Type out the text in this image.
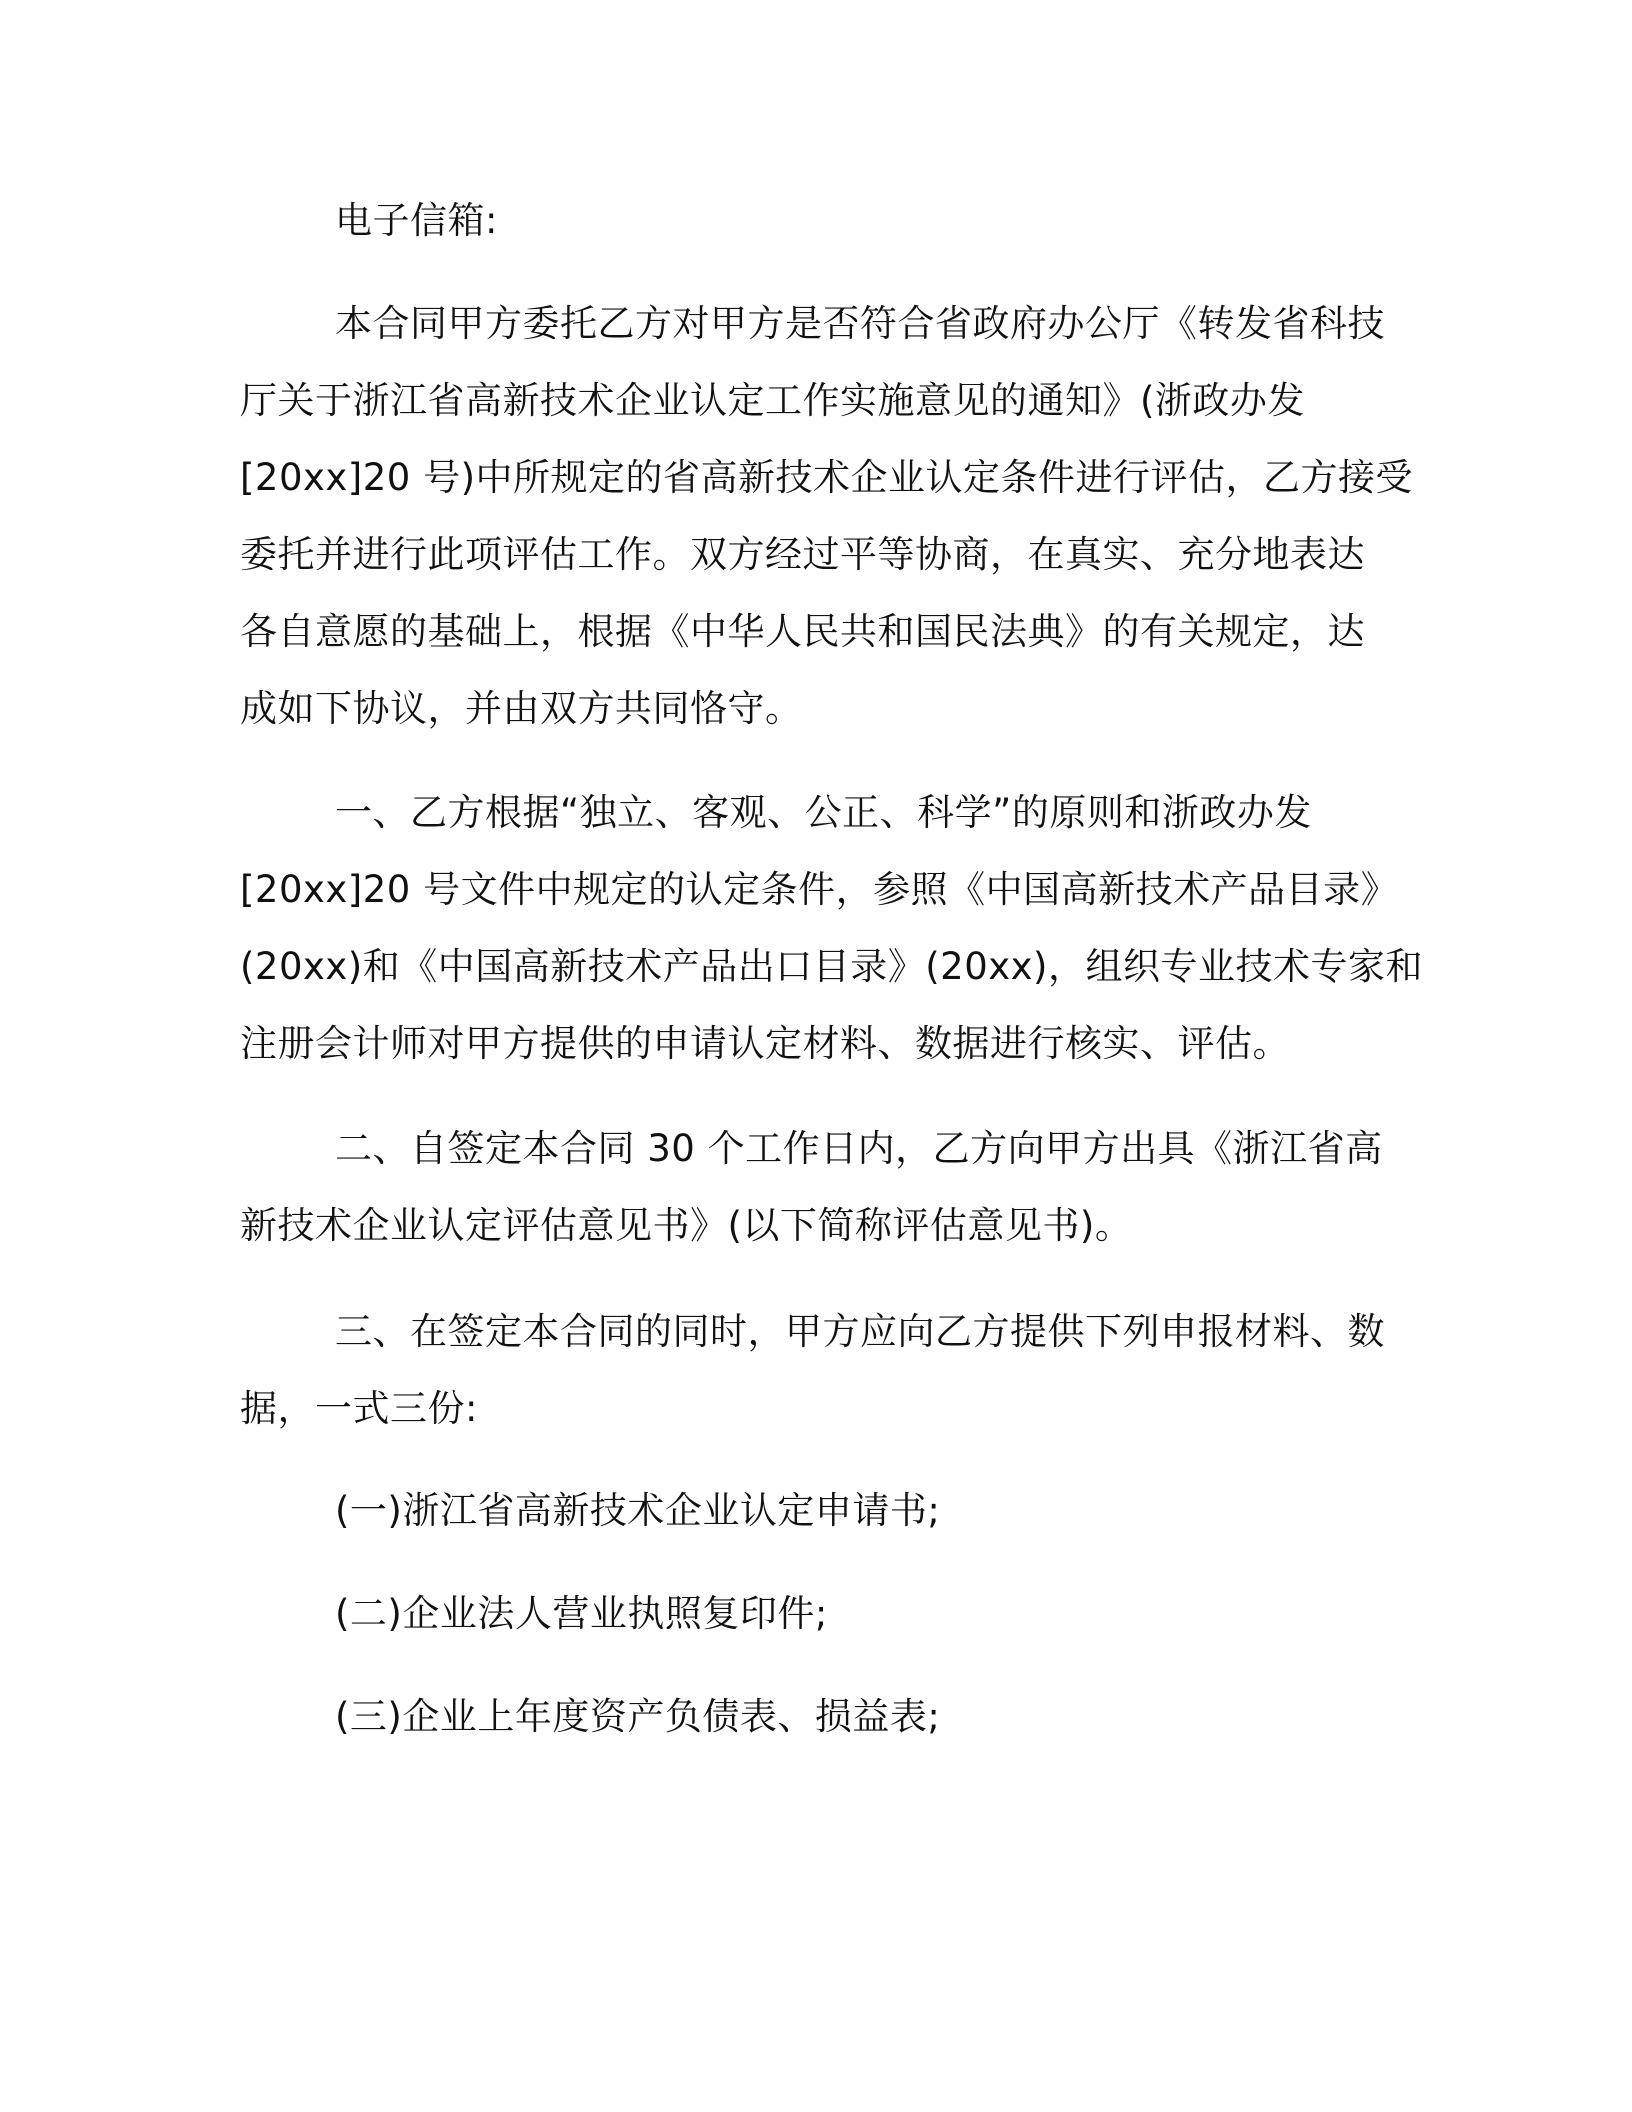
电子信箱:

本合同甲方委托乙方对甲方是否符合省政府办公厅《转发省科技
厅关于浙江省高新技术企业认定工作实施意见的通知》(浙政办发
[20xx]20 号)中所规定的省高新技术企业认定条件进行评估，乙方接受
委托并进行此项评估工作。双方经过平等协商，在真实、充分地表达
各自意愿的基础上，根据《中华人民共和国民法典》的有关规定，达
成如下协议，并由双方共同恪守。

一、乙方根据“独立、客观、公正、科学”的原则和浙政办发
[20xx]20 号文件中规定的认定条件，参照《中国高新技术产品目录》
(20xx)和《中国高新技术产品出口目录》(20xx)，组织专业技术专家和
注册会计师对甲方提供的申请认定材料、数据进行核实、评估。

二、自签定本合同 30 个工作日内，乙方向甲方出具《浙江省高
新技术企业认定评估意见书》(以下简称评估意见书)。

三、在签定本合同的同时，甲方应向乙方提供下列申报材料、数
据，一式三份:

(一)浙江省高新技术企业认定申请书;

(二)企业法人营业执照复印件;

(三)企业上年度资产负债表、损益表;
